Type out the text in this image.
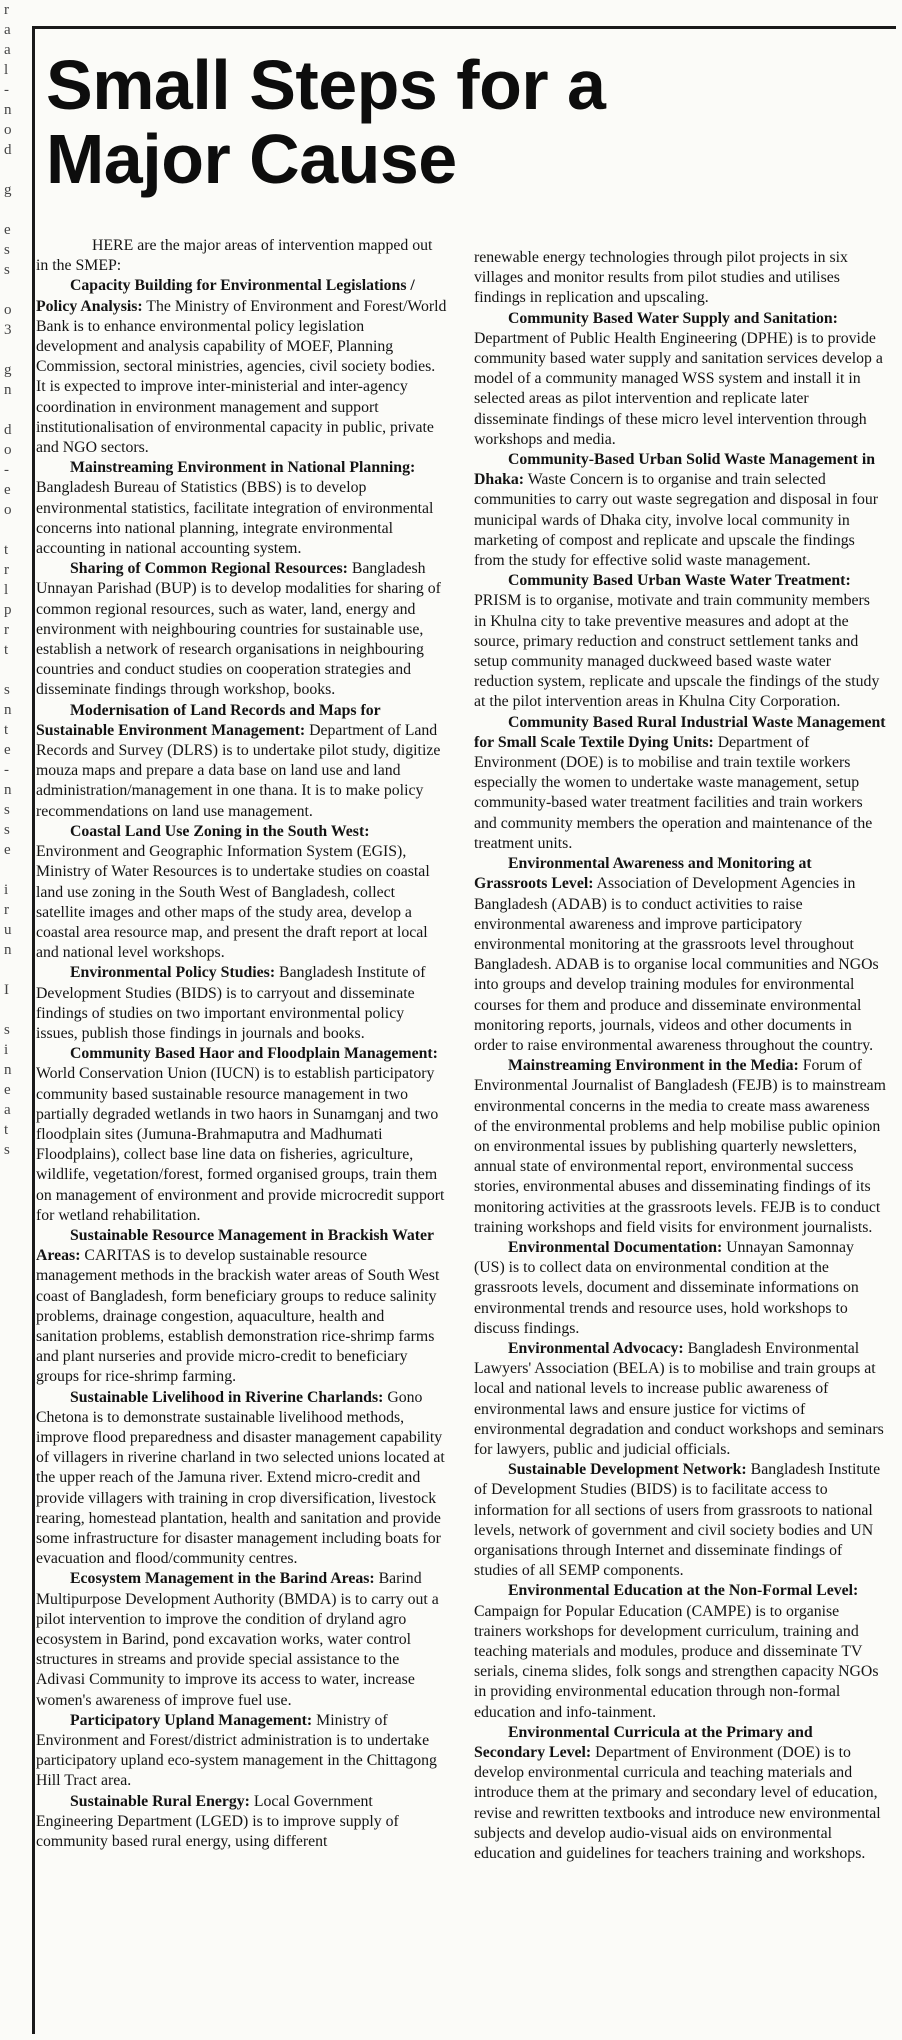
r
a
a
l
-
n
o
d

g

e
s
s

o
3

g
n

d
o
-
e
o

t
r
l
p
r
t

s
n
t
e
-
n
s
s
e

i
r
u
n

I

s
i
n
e
a
t
s
Small Steps for a
Major Cause

HERE are the major areas of intervention mapped out in the SMEP:

Capacity Building for Environmental Legislations / Policy Analysis: The Ministry of Environment and Forest/World Bank is to enhance environmental policy legislation development and analysis capability of MOEF, Planning Commission, sectoral ministries, agencies, civil society bodies. It is expected to improve inter-ministerial and inter-agency coordination in environment management and support institutionalisation of environmental capacity in public, private and NGO sectors.

Mainstreaming Environment in National Planning: Bangladesh Bureau of Statistics (BBS) is to develop environmental statistics, facilitate integration of environmental concerns into national planning, integrate environmental accounting in national accounting system.

Sharing of Common Regional Resources: Bangladesh Unnayan Parishad (BUP) is to develop modalities for sharing of common regional resources, such as water, land, energy and environment with neighbouring countries for sustainable use, establish a network of research organisations in neighbouring countries and conduct studies on cooperation strategies and disseminate findings through workshop, books.

Modernisation of Land Records and Maps for Sustainable Environment Management: Department of Land Records and Survey (DLRS) is to undertake pilot study, digitize mouza maps and prepare a data base on land use and land administration/management in one thana. It is to make policy recommendations on land use management.

Coastal Land Use Zoning in the South West: Environment and Geographic Information System (EGIS), Ministry of Water Resources is to undertake studies on coastal land use zoning in the South West of Bangladesh, collect satellite images and other maps of the study area, develop a coastal area resource map, and present the draft report at local and national level workshops.

Environmental Policy Studies: Bangladesh Institute of Development Studies (BIDS) is to carryout and disseminate findings of studies on two important environmental policy issues, publish those findings in journals and books.

Community Based Haor and Floodplain Management: World Conservation Union (IUCN) is to establish participatory community based sustainable resource management in two partially degraded wetlands in two haors in Sunamganj and two floodplain sites (Jumuna-Brahmaputra and Madhumati Floodplains), collect base line data on fisheries, agriculture, wildlife, vegetation/forest, formed organised groups, train them on management of environment and provide microcredit support for wetland rehabilitation.

Sustainable Resource Management in Brackish Water Areas: CARITAS is to develop sustainable resource management methods in the brackish water areas of South West coast of Bangladesh, form beneficiary groups to reduce salinity problems, drainage congestion, aquaculture, health and sanitation problems, establish demonstration rice-shrimp farms and plant nurseries and provide micro-credit to beneficiary groups for rice-shrimp farming.

Sustainable Livelihood in Riverine Charlands: Gono Chetona is to demonstrate sustainable livelihood methods, improve flood preparedness and disaster management capability of villagers in riverine charland in two selected unions located at the upper reach of the Jamuna river. Extend micro-credit and provide villagers with training in crop diversification, livestock rearing, homestead plantation, health and sanitation and provide some infrastructure for disaster management including boats for evacuation and flood/community centres.

Ecosystem Management in the Barind Areas: Barind Multipurpose Development Authority (BMDA) is to carry out a pilot intervention to improve the condition of dryland agro ecosystem in Barind, pond excavation works, water control structures in streams and provide special assistance to the Adivasi Community to improve its access to water, increase women's awareness of improve fuel use.

Participatory Upland Management: Ministry of Environment and Forest/district administration is to undertake participatory upland eco-system management in the Chittagong Hill Tract area.

Sustainable Rural Energy: Local Government Engineering Department (LGED) is to improve supply of community based rural energy, using different

renewable energy technologies through pilot projects in six villages and monitor results from pilot studies and utilises findings in replication and upscaling.

Community Based Water Supply and Sanitation: Department of Public Health Engineering (DPHE) is to provide community based water supply and sanitation services develop a model of a community managed WSS system and install it in selected areas as pilot intervention and replicate later disseminate findings of these micro level intervention through workshops and media.

Community-Based Urban Solid Waste Management in Dhaka: Waste Concern is to organise and train selected communities to carry out waste segregation and disposal in four municipal wards of Dhaka city, involve local community in marketing of compost and replicate and upscale the findings from the study for effective solid waste management.

Community Based Urban Waste Water Treatment: PRISM is to organise, motivate and train community members in Khulna city to take preventive measures and adopt at the source, primary reduction and construct settlement tanks and setup community managed duckweed based waste water reduction system, replicate and upscale the findings of the study at the pilot intervention areas in Khulna City Corporation.

Community Based Rural Industrial Waste Management for Small Scale Textile Dying Units: Department of Environment (DOE) is to mobilise and train textile workers especially the women to undertake waste management, setup community-based water treatment facilities and train workers and community members the operation and maintenance of the treatment units.

Environmental Awareness and Monitoring at Grassroots Level: Association of Development Agencies in Bangladesh (ADAB) is to conduct activities to raise environmental awareness and improve participatory environmental monitoring at the grassroots level throughout Bangladesh. ADAB is to organise local communities and NGOs into groups and develop training modules for environmental courses for them and produce and disseminate environmental monitoring reports, journals, videos and other documents in order to raise environmental awareness throughout the country.

Mainstreaming Environment in the Media: Forum of Environmental Journalist of Bangladesh (FEJB) is to mainstream environmental concerns in the media to create mass awareness of the environmental problems and help mobilise public opinion on environmental issues by publishing quarterly newsletters, annual state of environmental report, environmental success stories, environmental abuses and disseminating findings of its monitoring activities at the grassroots levels. FEJB is to conduct training workshops and field visits for environment journalists.

Environmental Documentation: Unnayan Samonnay (US) is to collect data on environmental condition at the grassroots levels, document and disseminate informations on environmental trends and resource uses, hold workshops to discuss findings.

Environmental Advocacy: Bangladesh Environmental Lawyers' Association (BELA) is to mobilise and train groups at local and national levels to increase public awareness of environmental laws and ensure justice for victims of environmental degradation and conduct workshops and seminars for lawyers, public and judicial officials.

Sustainable Development Network: Bangladesh Institute of Development Studies (BIDS) is to facilitate access to information for all sections of users from grassroots to national levels, network of government and civil society bodies and UN organisations through Internet and disseminate findings of studies of all SEMP components.

Environmental Education at the Non-Formal Level: Campaign for Popular Education (CAMPE) is to organise trainers workshops for development curriculum, training and teaching materials and modules, produce and disseminate TV serials, cinema slides, folk songs and strengthen capacity NGOs in providing environmental education through non-formal education and info-tainment.

Environmental Curricula at the Primary and Secondary Level: Department of Environment (DOE) is to develop environmental curricula and teaching materials and introduce them at the primary and secondary level of education, revise and rewritten textbooks and introduce new environmental subjects and develop audio-visual aids on environmental education and guidelines for teachers training and workshops.
